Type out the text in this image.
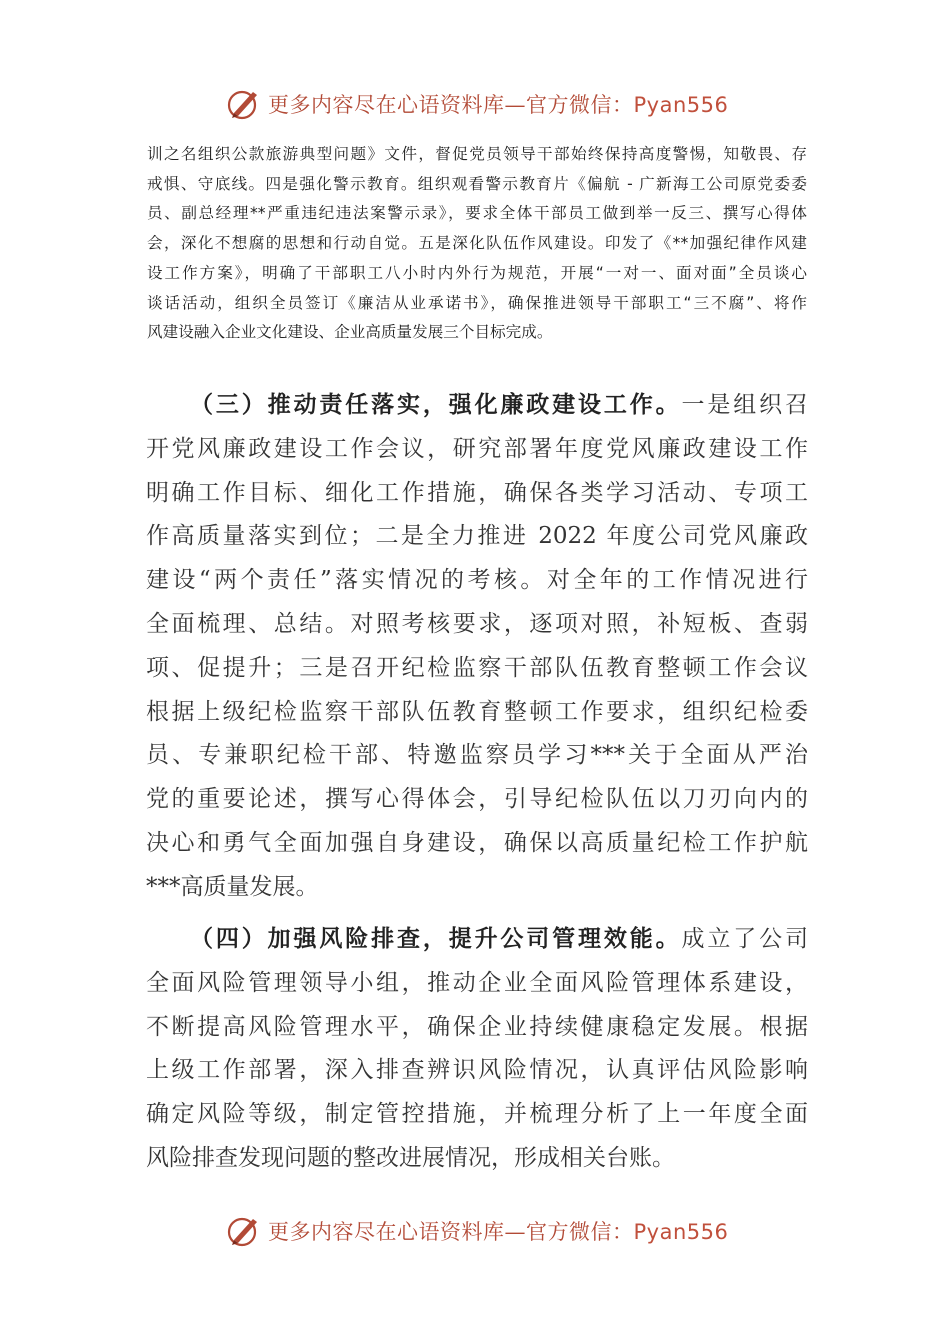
更多内容尽在心语资料库—官方微信：Pyan556
训之名组织公款旅游典型问题》文件，督促党员领导干部始终保持高度警惕，知敬畏、存
戒惧、守底线。四是强化警示教育。组织观看警示教育片《偏航 - 广新海工公司原党委委
员、副总经理**严重违纪违法案警示录》，要求全体干部员工做到举一反三、撰写心得体
会，深化不想腐的思想和行动自觉。五是深化队伍作风建设。印发了《**加强纪律作风建
设工作方案》，明确了干部职工八小时内外行为规范，开展“一对一、面对面”全员谈心
谈话活动，组织全员签订《廉洁从业承诺书》，确保推进领导干部职工“三不腐”、将作
风建设融入企业文化建设、企业高质量发展三个目标完成。
（三）推动责任落实，强化廉政建设工作。一是组织召
开党风廉政建设工作会议，研究部署年度党风廉政建设工作
明确工作目标、细化工作措施，确保各类学习活动、专项工
作高质量落实到位；二是全力推进 2022 年度公司党风廉政
建设“两个责任”落实情况的考核。对全年的工作情况进行
全面梳理、总结。对照考核要求，逐项对照，补短板、查弱
项、促提升；三是召开纪检监察干部队伍教育整顿工作会议
根据上级纪检监察干部队伍教育整顿工作要求，组织纪检委
员、专兼职纪检干部、特邀监察员学习***关于全面从严治
党的重要论述，撰写心得体会，引导纪检队伍以刀刃向内的
决心和勇气全面加强自身建设，确保以高质量纪检工作护航
***高质量发展。
（四）加强风险排查，提升公司管理效能。成立了公司
全面风险管理领导小组，推动企业全面风险管理体系建设，
不断提高风险管理水平，确保企业持续健康稳定发展。根据
上级工作部署，深入排查辨识风险情况，认真评估风险影响
确定风险等级，制定管控措施，并梳理分析了上一年度全面
风险排查发现问题的整改进展情况，形成相关台账。
更多内容尽在心语资料库—官方微信：Pyan556
